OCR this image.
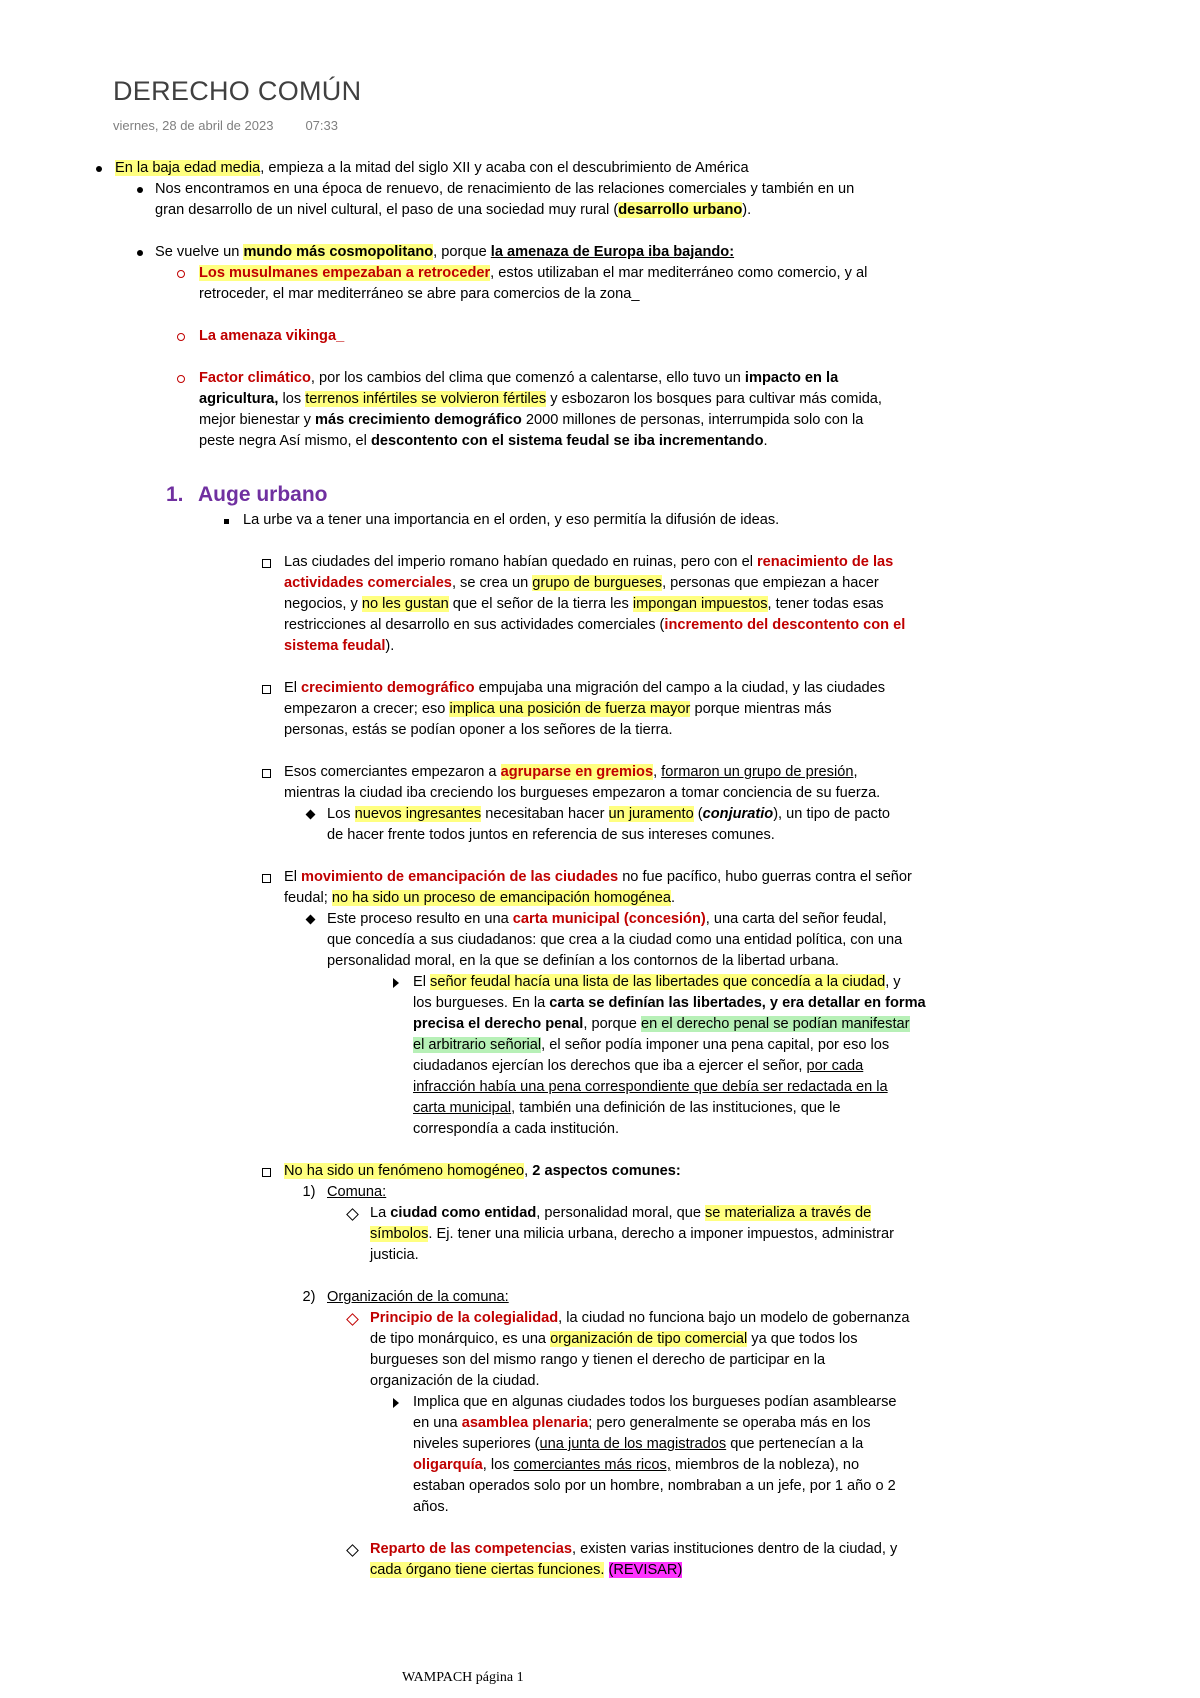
DERECHO COMÚN
viernes, 28 de abril de 2023 07:33
En la baja edad media, empieza a la mitad del siglo XII y acaba con el descubrimiento de América
Nos encontramos en una época de renuevo, de renacimiento de las relaciones comerciales y también en un
gran desarrollo de un nivel cultural, el paso de una sociedad muy rural (desarrollo urbano).
Se vuelve un mundo más cosmopolitano, porque la amenaza de Europa iba bajando:
Los musulmanes empezaban a retroceder, estos utilizaban el mar mediterráneo como comercio, y al
retroceder, el mar mediterráneo se abre para comercios de la zona_
La amenaza vikinga_
Factor climático, por los cambios del clima que comenzó a calentarse, ello tuvo un impacto en la
agricultura, los terrenos infértiles se volvieron fértiles y esbozaron los bosques para cultivar más comida,
mejor bienestar y más crecimiento demográfico 2000 millones de personas, interrumpida solo con la
peste negra Así mismo, el descontento con el sistema feudal se iba incrementando.
1. Auge urbano
La urbe va a tener una importancia en el orden, y eso permitía la difusión de ideas.
Las ciudades del imperio romano habían quedado en ruinas, pero con el renacimiento de las
actividades comerciales, se crea un grupo de burgueses, personas que empiezan a hacer
negocios, y no les gustan que el señor de la tierra les impongan impuestos, tener todas esas
restricciones al desarrollo en sus actividades comerciales (incremento del descontento con el
sistema feudal).
El crecimiento demográfico empujaba una migración del campo a la ciudad, y las ciudades
empezaron a crecer; eso implica una posición de fuerza mayor porque mientras más
personas, estás se podían oponer a los señores de la tierra.
Esos comerciantes empezaron a agruparse en gremios, formaron un grupo de presión,
mientras la ciudad iba creciendo los burgueses empezaron a tomar conciencia de su fuerza.
Los nuevos ingresantes necesitaban hacer un juramento (conjuratio), un tipo de pacto
de hacer frente todos juntos en referencia de sus intereses comunes.
El movimiento de emancipación de las ciudades no fue pacífico, hubo guerras contra el señor
feudal; no ha sido un proceso de emancipación homogénea.
Este proceso resulto en una carta municipal (concesión), una carta del señor feudal,
que concedía a sus ciudadanos: que crea a la ciudad como una entidad política, con una
personalidad moral, en la que se definían a los contornos de la libertad urbana.
El señor feudal hacía una lista de las libertades que concedía a la ciudad, y
los burgueses. En la carta se definían las libertades, y era detallar en forma
precisa el derecho penal, porque en el derecho penal se podían manifestar
el arbitrario señorial, el señor podía imponer una pena capital, por eso los
ciudadanos ejercían los derechos que iba a ejercer el señor, por cada
infracción había una pena correspondiente que debía ser redactada en la
carta municipal, también una definición de las instituciones, que le
correspondía a cada institución.
No ha sido un fenómeno homogéneo, 2 aspectos comunes:
1) Comuna:
La ciudad como entidad, personalidad moral, que se materializa a través de
símbolos. Ej. tener una milicia urbana, derecho a imponer impuestos, administrar
justicia.
2) Organización de la comuna:
Principio de la colegialidad, la ciudad no funciona bajo un modelo de gobernanza
de tipo monárquico, es una organización de tipo comercial ya que todos los
burgueses son del mismo rango y tienen el derecho de participar en la
organización de la ciudad.
Implica que en algunas ciudades todos los burgueses podían asamblearse
en una asamblea plenaria; pero generalmente se operaba más en los
niveles superiores (una junta de los magistrados que pertenecían a la
oligarquía, los comerciantes más ricos, miembros de la nobleza), no
estaban operados solo por un hombre, nombraban a un jefe, por 1 año o 2
años.
Reparto de las competencias, existen varias instituciones dentro de la ciudad, y
cada órgano tiene ciertas funciones. (REVISAR)
WAMPACH página 1
